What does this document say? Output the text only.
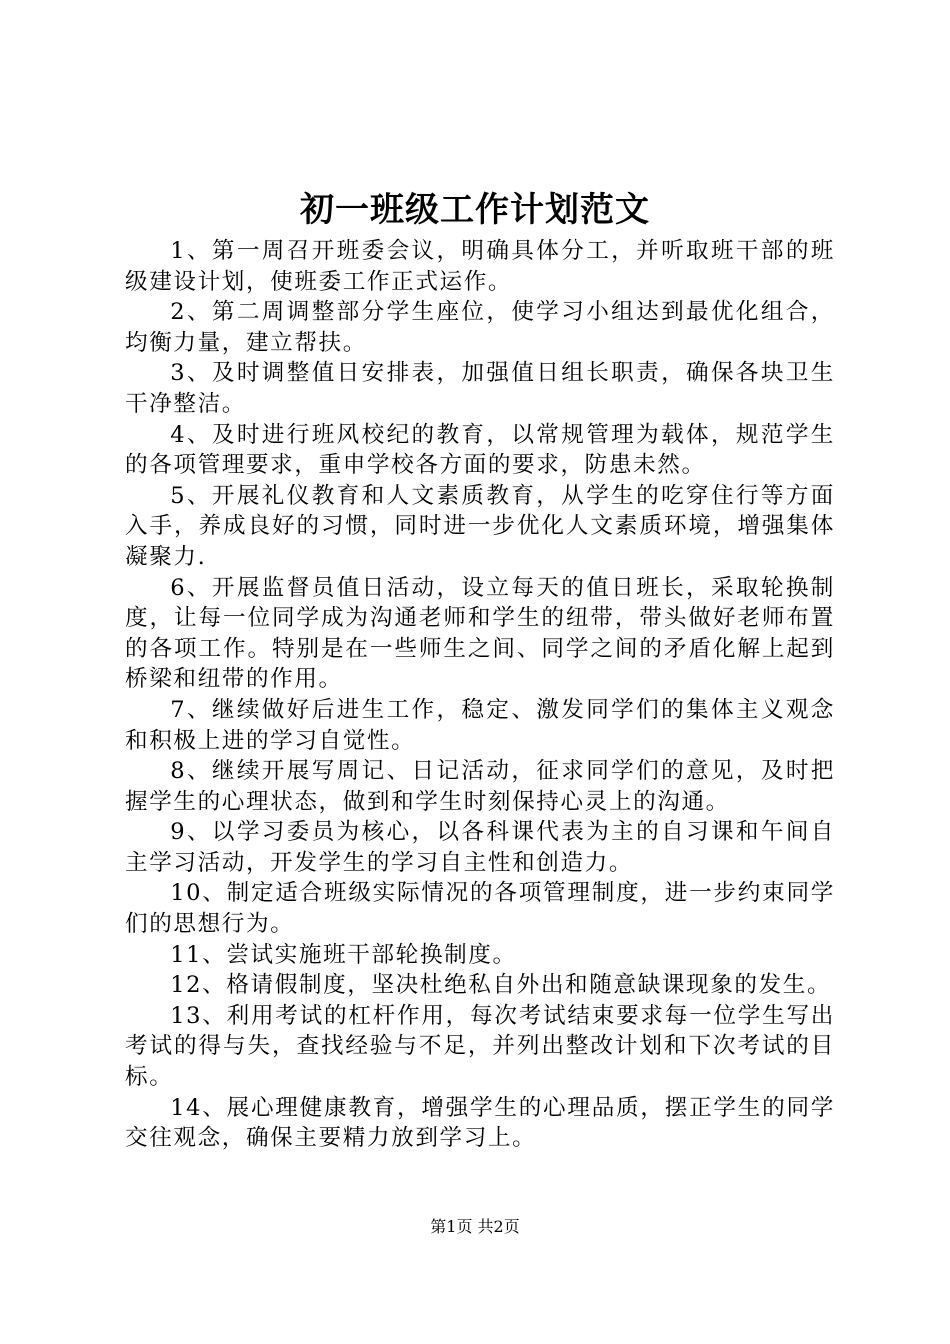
初一班级工作计划范文

1、第一周召开班委会议，明确具体分工，并听取班干部的班级建设计划，使班委工作正式运作。

2、第二周调整部分学生座位，使学习小组达到最优化组合，均衡力量，建立帮扶。

3、及时调整值日安排表，加强值日组长职责，确保各块卫生干净整洁。

4、及时进行班风校纪的教育，以常规管理为载体，规范学生的各项管理要求，重申学校各方面的要求，防患未然。

5、开展礼仪教育和人文素质教育，从学生的吃穿住行等方面入手，养成良好的习惯，同时进一步优化人文素质环境，增强集体凝聚力.

6、开展监督员值日活动，设立每天的值日班长，采取轮换制度，让每一位同学成为沟通老师和学生的纽带，带头做好老师布置的各项工作。特别是在一些师生之间、同学之间的矛盾化解上起到桥梁和纽带的作用。

7、继续做好后进生工作，稳定、激发同学们的集体主义观念和积极上进的学习自觉性。

8、继续开展写周记、日记活动，征求同学们的意见，及时把握学生的心理状态，做到和学生时刻保持心灵上的沟通。

9、以学习委员为核心，以各科课代表为主的自习课和午间自主学习活动，开发学生的学习自主性和创造力。

10、制定适合班级实际情况的各项管理制度，进一步约束同学们的思想行为。

11、尝试实施班干部轮换制度。

12、格请假制度，坚决杜绝私自外出和随意缺课现象的发生。

13、利用考试的杠杆作用，每次考试结束要求每一位学生写出考试的得与失，查找经验与不足，并列出整改计划和下次考试的目标。

14、展心理健康教育，增强学生的心理品质，摆正学生的同学交往观念，确保主要精力放到学习上。

第1页 共2页
